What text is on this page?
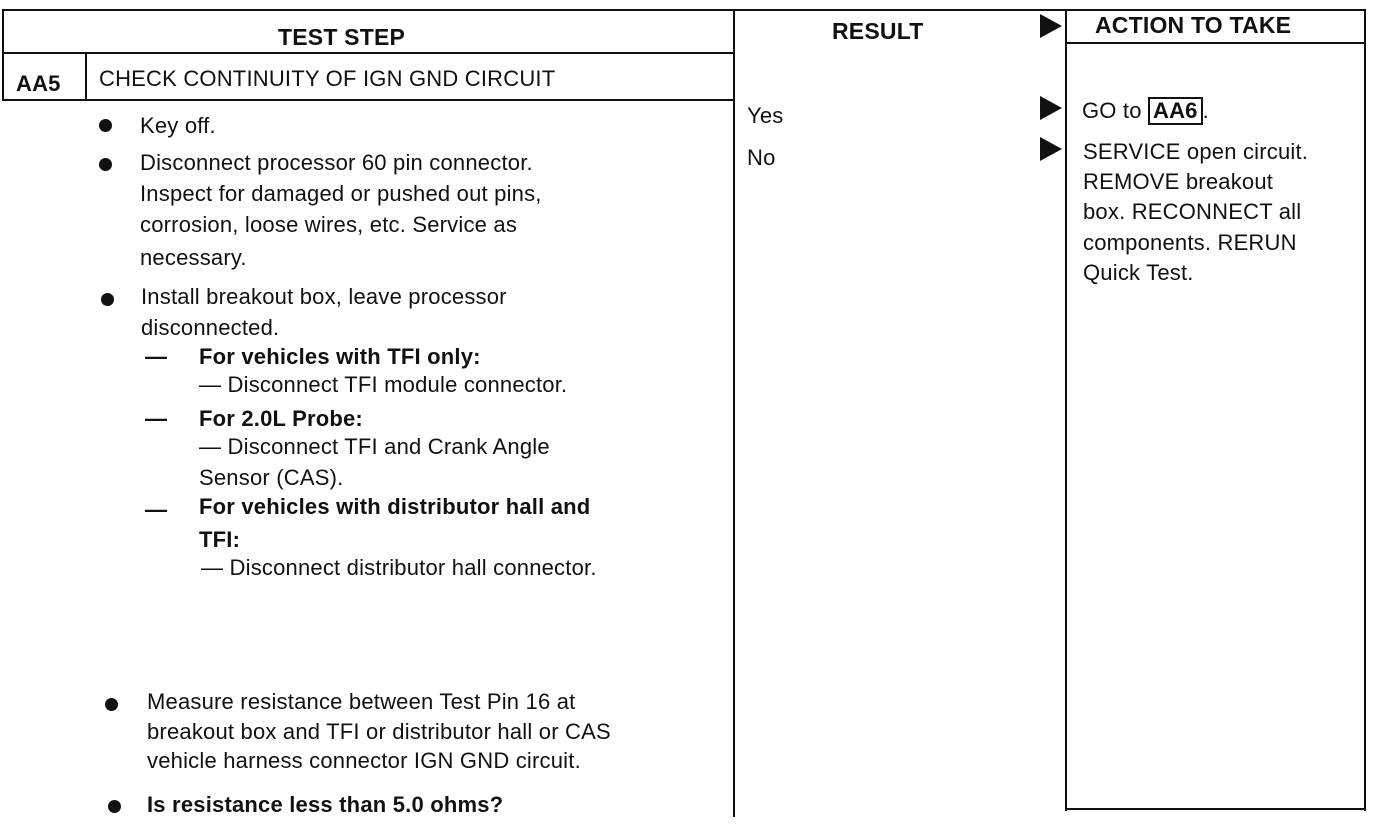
TEST STEP	RESULT	ACTION TO TAKE
AA5 CHECK CONTINUITY OF IGN GND CIRCUIT
Key off.
Disconnect processor 60 pin connector.
Inspect for damaged or pushed out pins,
corrosion, loose wires, etc. Service as
necessary.
Install breakout box, leave processor
disconnected.
— For vehicles with TFI only:
— Disconnect TFI module connector.
— For 2.0L Probe:
— Disconnect TFI and Crank Angle
Sensor (CAS).
— For vehicles with distributor hall and
TFI:
— Disconnect distributor hall connector.
Measure resistance between Test Pin 16 at
breakout box and TFI or distributor hall or CAS
vehicle harness connector IGN GND circuit.
Is resistance less than 5.0 ohms?
Yes
No
GO to AA6 .
SERVICE open circuit.
REMOVE breakout
box. RECONNECT all
components. RERUN
Quick Test.
